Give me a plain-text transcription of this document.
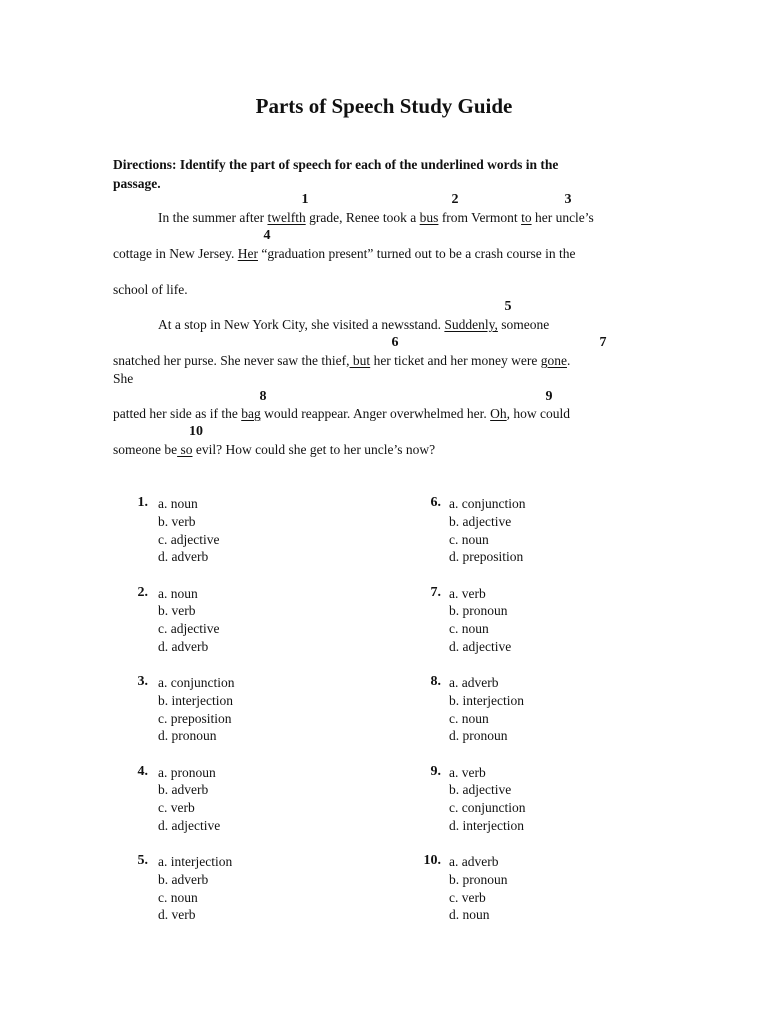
Parts of Speech Study Guide
Directions: Identify the part of speech for each of the underlined words in the
passage.
1	2	3
4
5
6	7
8	9
10
In the summer after twelfth grade, Renee took a bus from Vermont to her uncle’s
cottage in New Jersey. Her “graduation present” turned out to be a crash course in the
school of life.
At a stop in New York City, she visited a newsstand. Suddenly, someone
snatched her purse. She never saw the thief, but her ticket and her money were gone.
She
patted her side as if the bag would reappear. Anger overwhelmed her. Oh, how could
someone be so evil? How could she get to her uncle’s now?
1. a. noun
b. verb
c. adjective
d. adverb
2. a. noun
b. verb
c. adjective
d. adverb
3. a. conjunction
b. interjection
c. preposition
d. pronoun
4. a. pronoun
b. adverb
c. verb
d. adjective
5. a. interjection
b. adverb
c. noun
d. verb
6. a. conjunction
b. adjective
c. noun
d. preposition
7. a. verb
b. pronoun
c. noun
d. adjective
8. a. adverb
b. interjection
c. noun
d. pronoun
9. a. verb
b. adjective
c. conjunction
d. interjection
10. a. adverb
b. pronoun
c. verb
d. noun
